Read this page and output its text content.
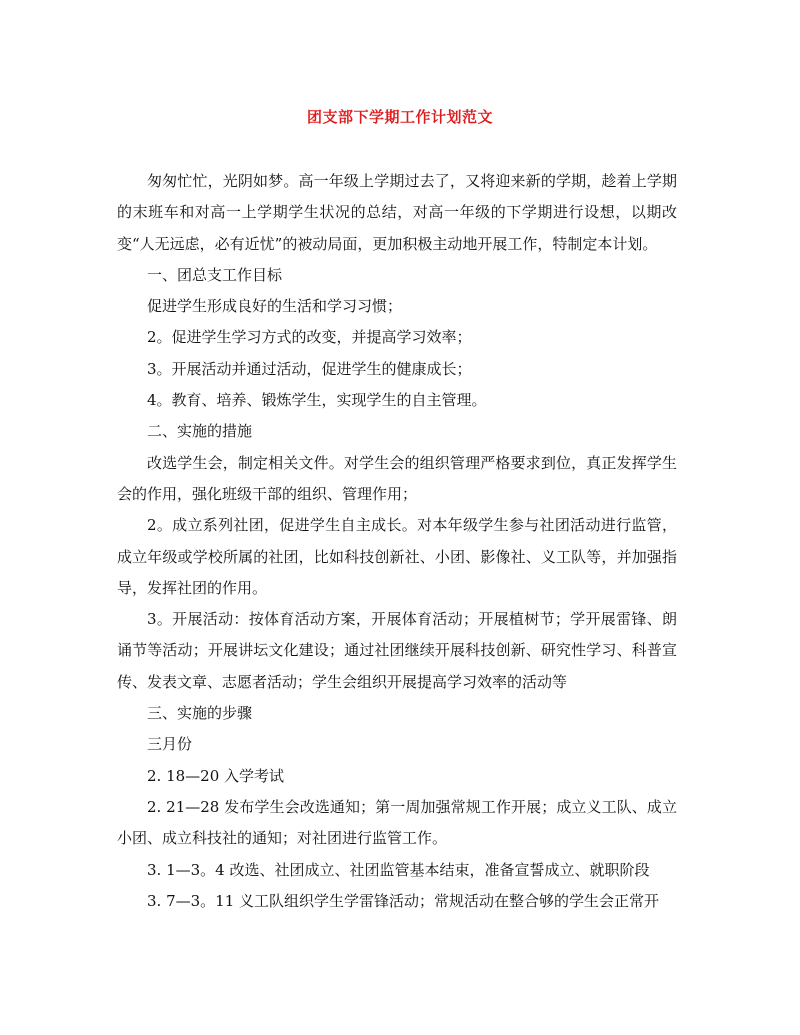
团支部下学期工作计划范文

匆匆忙忙，光阴如梦。高一年级上学期过去了，又将迎来新的学期，趁着上学期的末班车和对高一上学期学生状况的总结，对高一年级的下学期进行设想，以期改变“人无远虑，必有近忧”的被动局面，更加积极主动地开展工作，特制定本计划。

一、团总支工作目标

促进学生形成良好的生活和学习习惯；

2。促进学生学习方式的改变，并提高学习效率；

3。开展活动并通过活动，促进学生的健康成长；

4。教育、培养、锻炼学生，实现学生的自主管理。

二、实施的措施

改选学生会，制定相关文件。对学生会的组织管理严格要求到位，真正发挥学生会的作用，强化班级干部的组织、管理作用；

2。成立系列社团，促进学生自主成长。对本年级学生参与社团活动进行监管，成立年级或学校所属的社团，比如科技创新社、小团、影像社、义工队等，并加强指导，发挥社团的作用。

3。开展活动：按体育活动方案，开展体育活动；开展植树节；学开展雷锋、朗诵节等活动；开展讲坛文化建设；通过社团继续开展科技创新、研究性学习、科普宣传、发表文章、志愿者活动；学生会组织开展提高学习效率的活动等

三、实施的步骤

三月份

2. 18—20 入学考试

2. 21—28 发布学生会改选通知；第一周加强常规工作开展；成立义工队、成立小团、成立科技社的通知；对社团进行监管工作。

3. 1—3。4 改选、社团成立、社团监管基本结束，准备宣誓成立、就职阶段

3. 7—3。11 义工队组织学生学雷锋活动；常规活动在整合够的学生会正常开
